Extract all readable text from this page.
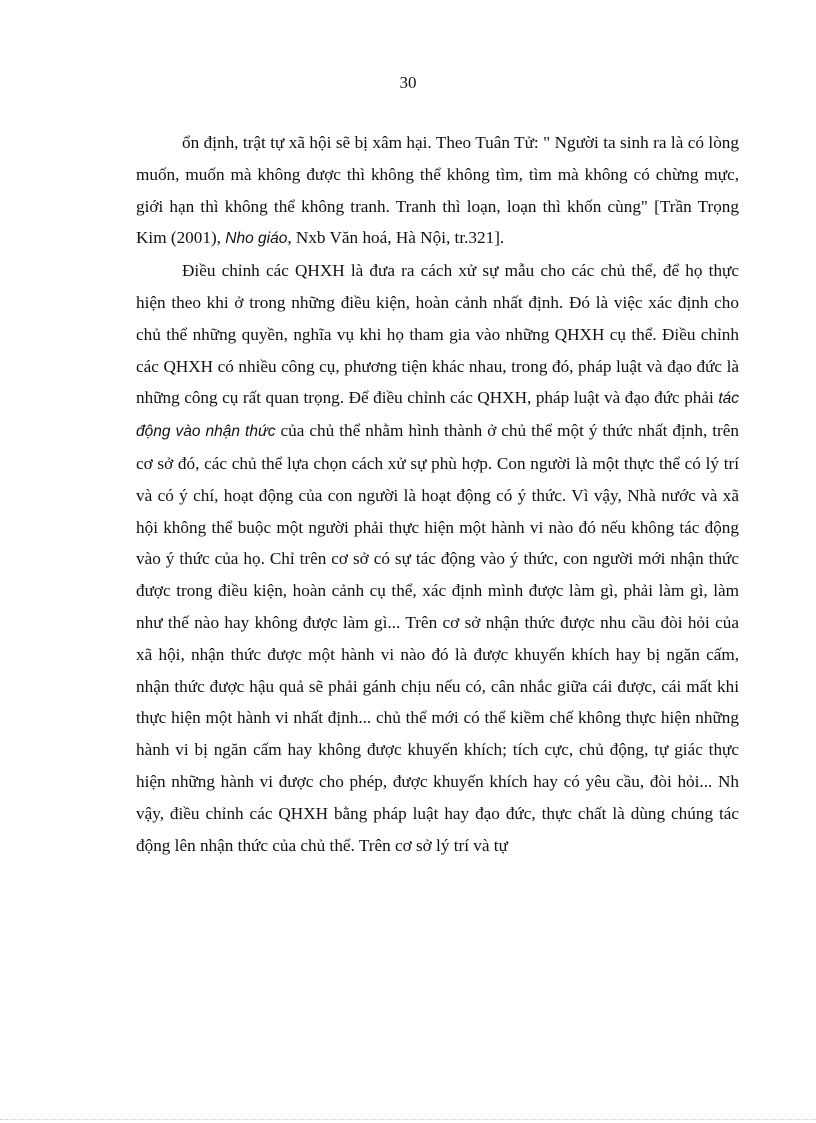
30

ổn định, trật tự xã hội sẽ bị xâm hại. Theo Tuân Tử: " Người ta sinh ra là có lòng muốn, muốn mà không được thì không thể không tìm, tìm mà không có chừng mực, giới hạn thì không thể không tranh. Tranh thì loạn, loạn thì khốn cùng" [Trần Trọng Kim (2001), Nho giáo, Nxb Văn hoá, Hà Nội, tr.321].

Điều chỉnh các QHXH là đưa ra cách xử sự mẫu cho các chủ thể, để họ thực hiện theo khi ở trong những điều kiện, hoàn cảnh nhất định. Đó là việc xác định cho chủ thể những quyền, nghĩa vụ khi họ tham gia vào những QHXH cụ thể. Điều chỉnh các QHXH có nhiều công cụ, phương tiện khác nhau, trong đó, pháp luật và đạo đức là những công cụ rất quan trọng. Để điều chỉnh các QHXH, pháp luật và đạo đức phải tác động vào nhận thức của chủ thể nhằm hình thành ở chủ thể một ý thức nhất định, trên cơ sở đó, các chủ thể lựa chọn cách xử sự phù hợp. Con người là một thực thể có lý trí và có ý chí, hoạt động của con người là hoạt động có ý thức. Vì vậy, Nhà nước và xã hội không thể buộc một người phải thực hiện một hành vi nào đó nếu không tác động vào ý thức của họ. Chỉ trên cơ sở có sự tác động vào ý thức, con người mới nhận thức được trong điều kiện, hoàn cảnh cụ thể, xác định mình được làm gì, phải làm gì, làm như thế nào hay không được làm gì... Trên cơ sở nhận thức được nhu cầu đòi hỏi của xã hội, nhận thức được một hành vi nào đó là được khuyến khích hay bị ngăn cấm, nhận thức được hậu quả sẽ phải gánh chịu nếu có, cân nhắc giữa cái được, cái mất khi thực hiện một hành vi nhất định... chủ thể mới có thể kiềm chế không thực hiện những hành vi bị ngăn cấm hay không được khuyến khích; tích cực, chủ động, tự giác thực hiện những hành vi được cho phép, được khuyến khích hay có yêu cầu, đòi hỏi... Nh vậy, điều chỉnh các QHXH bằng pháp luật hay đạo đức, thực chất là dùng chúng tác động lên nhận thức của chủ thể. Trên cơ sở lý trí và tự
